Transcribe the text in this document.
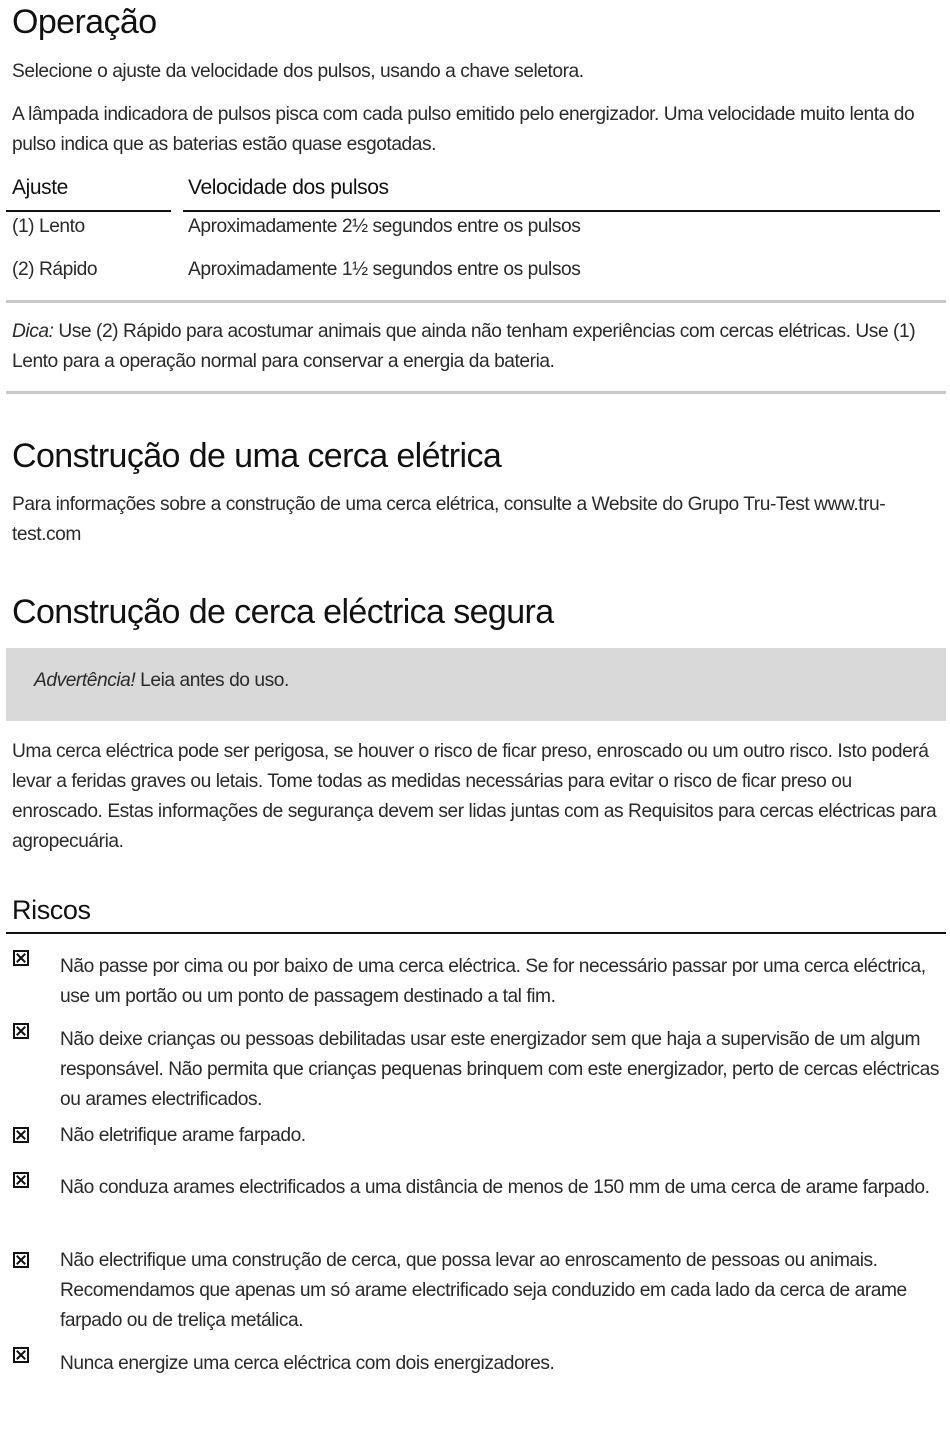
Operação

Selecione o ajuste da velocidade dos pulsos, usando a chave seletora.

A lâmpada indicadora de pulsos pisca com cada pulso emitido pelo energizador. Uma velocidade muito lenta do pulso indica que as baterias estão quase esgotadas.

Ajuste	Velocidade dos pulsos
(1) Lento	Aproximadamente 2½ segundos entre os pulsos
(2) Rápido	Aproximadamente 1½ segundos entre os pulsos

Dica: Use (2) Rápido para acostumar animais que ainda não tenham experiências com cercas elétricas. Use (1) Lento para a operação normal para conservar a energia da bateria.

Construção de uma cerca elétrica

Para informações sobre a construção de uma cerca elétrica, consulte a Website do Grupo Tru-Test www.tru-test.com

Construção de cerca eléctrica segura
Advertência! Leia antes do uso.

Uma cerca eléctrica pode ser perigosa, se houver o risco de ficar preso, enroscado ou um outro risco. Isto poderá levar a feridas graves ou letais. Tome todas as medidas necessárias para evitar o risco de ficar preso ou enroscado. Estas informações de segurança devem ser lidas juntas com as Requisitos para cercas eléctricas para agropecuária.

Riscos

Não passe por cima ou por baixo de uma cerca eléctrica. Se for necessário passar por uma cerca eléctrica, use um portão ou um ponto de passagem destinado a tal fim.

Não deixe crianças ou pessoas debilitadas usar este energizador sem que haja a supervisão de um algum responsável. Não permita que crianças pequenas brinquem com este energizador, perto de cercas eléctricas ou arames electrificados.

Não eletrifique arame farpado.

Não conduza arames electrificados a uma distância de menos de 150 mm de uma cerca de arame farpado.

Não electrifique uma construção de cerca, que possa levar ao enroscamento de pessoas ou animais. Recomendamos que apenas um só arame electrificado seja conduzido em cada lado da cerca de arame farpado ou de treliça metálica.

Nunca energize uma cerca eléctrica com dois energizadores.
